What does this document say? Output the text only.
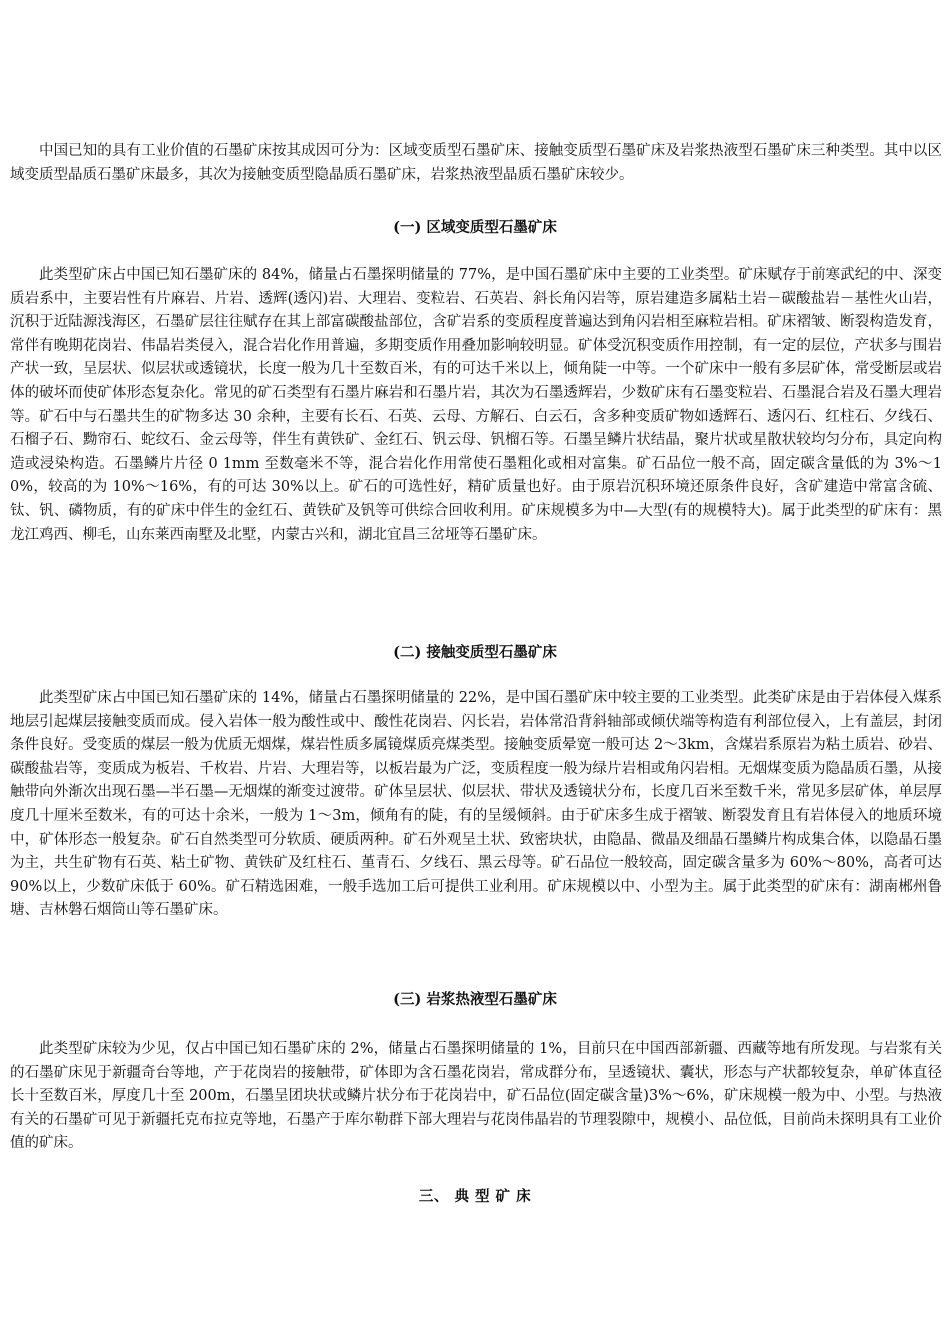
中国已知的具有工业价值的石墨矿床按其成因可分为：区域变质型石墨矿床、接触变质型石墨矿床及岩浆热液型石墨矿床三种类型。其中以区域变质型晶质石墨矿床最多，其次为接触变质型隐晶质石墨矿床，岩浆热液型晶质石墨矿床较少。

(一) 区域变质型石墨矿床

此类型矿床占中国已知石墨矿床的 84%，储量占石墨探明储量的 77%，是中国石墨矿床中主要的工业类型。矿床赋存于前寒武纪的中、深变质岩系中，主要岩性有片麻岩、片岩、透辉(透闪)岩、大理岩、变粒岩、石英岩、斜长角闪岩等，原岩建造多属粘土岩－碳酸盐岩－基性火山岩，沉积于近陆源浅海区，石墨矿层往往赋存在其上部富碳酸盐部位，含矿岩系的变质程度普遍达到角闪岩相至麻粒岩相。矿床褶皱、断裂构造发育，常伴有晚期花岗岩、伟晶岩类侵入，混合岩化作用普遍，多期变质作用叠加影响较明显。矿体受沉积变质作用控制，有一定的层位，产状多与围岩产状一致，呈层状、似层状或透镜状，长度一般为几十至数百米，有的可达千米以上，倾角陡一中等。一个矿床中一般有多层矿体，常受断层或岩体的破坏而使矿体形态复杂化。常见的矿石类型有石墨片麻岩和石墨片岩，其次为石墨透辉岩，少数矿床有石墨变粒岩、石墨混合岩及石墨大理岩等。矿石中与石墨共生的矿物多达 30 余种，主要有长石、石英、云母、方解石、白云石，含多种变质矿物如透辉石、透闪石、红柱石、夕线石、石榴子石、黝帘石、蛇纹石、金云母等，伴生有黄铁矿、金红石、钒云母、钒榴石等。石墨呈鳞片状结晶，聚片状或星散状较均匀分布，具定向构造或浸染构造。石墨鳞片片径 0 1mm 至数毫米不等，混合岩化作用常使石墨粗化或相对富集。矿石品位一般不高，固定碳含量低的为 3%～10%，较高的为 10%～16%，有的可达 30%以上。矿石的可选性好，精矿质量也好。由于原岩沉积环境还原条件良好，含矿建造中常富含硫、钛、钒、磷物质，有的矿床中伴生的金红石、黄铁矿及钒等可供综合回收利用。矿床规模多为中—大型(有的规模特大)。属于此类型的矿床有：黑龙江鸡西、柳毛，山东莱西南墅及北墅，内蒙古兴和，湖北宜昌三岔垭等石墨矿床。

(二) 接触变质型石墨矿床

此类型矿床占中国已知石墨矿床的 14%，储量占石墨探明储量的 22%，是中国石墨矿床中较主要的工业类型。此类矿床是由于岩体侵入煤系地层引起煤层接触变质而成。侵入岩体一般为酸性或中、酸性花岗岩、闪长岩，岩体常沿背斜轴部或倾伏端等构造有利部位侵入，上有盖层，封闭条件良好。受变质的煤层一般为优质无烟煤，煤岩性质多属镜煤质亮煤类型。接触变质晕宽一般可达 2～3km，含煤岩系原岩为粘土质岩、砂岩、碳酸盐岩等，变质成为板岩、千枚岩、片岩、大理岩等，以板岩最为广泛，变质程度一般为绿片岩相或角闪岩相。无烟煤变质为隐晶质石墨，从接触带向外渐次出现石墨—半石墨—无烟煤的渐变过渡带。矿体呈层状、似层状、带状及透镜状分布，长度几百米至数千米，常见多层矿体，单层厚度几十厘米至数米，有的可达十余米，一般为 1～3m，倾角有的陡，有的呈缓倾斜。由于矿床多生成于褶皱、断裂发育且有岩体侵入的地质环境中，矿体形态一般复杂。矿石自然类型可分软质、硬质两种。矿石外观呈土状、致密块状，由隐晶、微晶及细晶石墨鳞片构成集合体，以隐晶石墨为主，共生矿物有石英、粘土矿物、黄铁矿及红柱石、堇青石、夕线石、黑云母等。矿石品位一般较高，固定碳含量多为 60%～80%，高者可达 90%以上，少数矿床低于 60%。矿石精选困难，一般手选加工后可提供工业利用。矿床规模以中、小型为主。属于此类型的矿床有：湖南郴州鲁塘、吉林磐石烟筒山等石墨矿床。

(三) 岩浆热液型石墨矿床

此类型矿床较为少见，仅占中国已知石墨矿床的 2%，储量占石墨探明储量的 1%，目前只在中国西部新疆、西藏等地有所发现。与岩浆有关的石墨矿床见于新疆奇台等地，产于花岗岩的接触带，矿体即为含石墨花岗岩，常成群分布，呈透镜状、囊状，形态与产状都较复杂，单矿体直径长十至数百米，厚度几十至 200m，石墨呈团块状或鳞片状分布于花岗岩中，矿石品位(固定碳含量)3%～6%，矿床规模一般为中、小型。与热液有关的石墨矿可见于新疆托克布拉克等地，石墨产于库尔勒群下部大理岩与花岗伟晶岩的节理裂隙中，规模小、品位低，目前尚未探明具有工业价值的矿床。

三、 典 型 矿 床
